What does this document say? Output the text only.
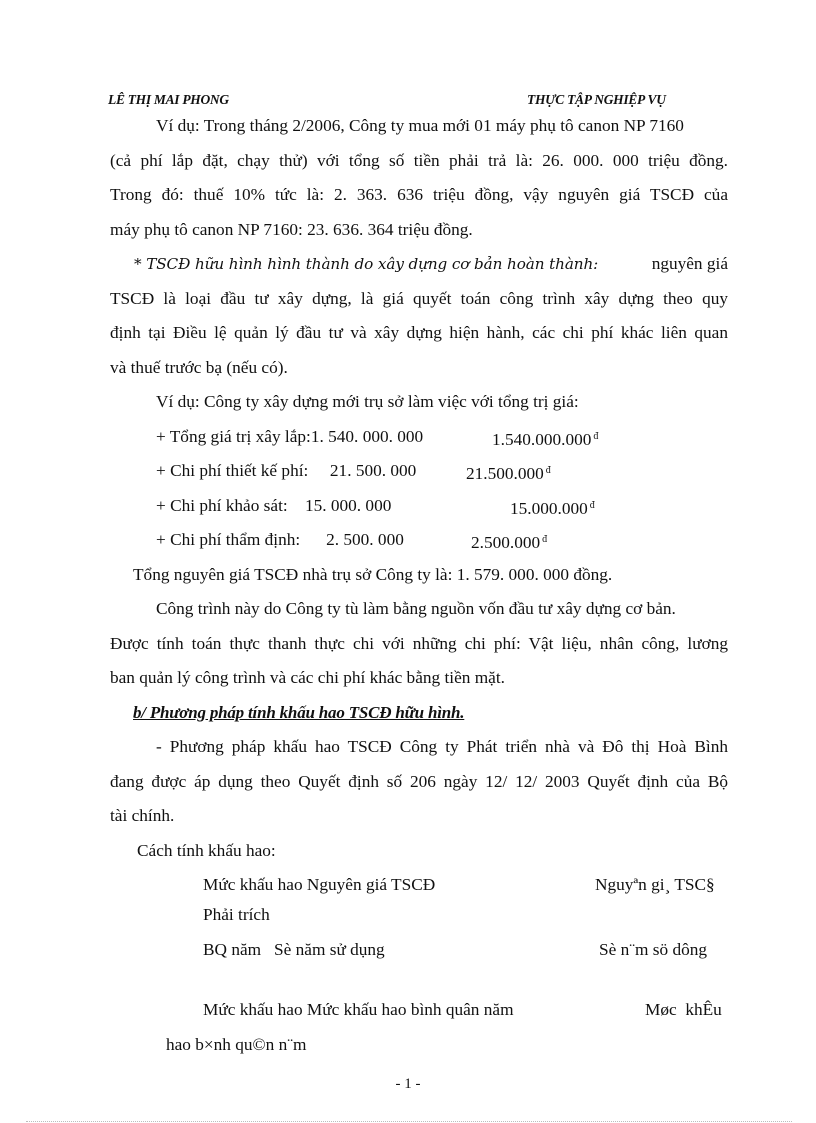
LÊ THỊ MAI PHONG	THỰC TẬP NGHIỆP VỤ
Ví dụ: Trong tháng 2/2006, Công ty mua mới 01 máy phụ tô canon NP 7160
(cả phí lắp đặt, chạy thử) với tổng số tiền phải trả là: 26. 000. 000 triệu đồng.
Trong đó: thuế 10% tức là: 2. 363. 636 triệu đồng, vậy nguyên giá TSCĐ của
máy phụ tô canon NP 7160: 23. 636. 364 triệu đồng.
* TSCĐ hữu hình hình thành do xây dựng cơ bản hoàn thành:	nguyên giá
TSCĐ là loại đầu tư xây dựng, là giá quyết toán công trình xây dựng theo quy
định tại Điều lệ quản lý đầu tư và xây dựng hiện hành, các chi phí khác liên quan
và thuế trước bạ (nếu có).
Ví dụ: Công ty xây dựng mới trụ sở làm việc với tổng trị giá:
+ Tổng giá trị xây lắp:1. 540. 000. 000	1.540.000.000 $^đ$
+ Chi phí thiết kế phí:     21. 500. 000	21.500.000 $^đ$
+ Chi phí khảo sát:    15. 000. 000	15.000.000 $^đ$
+ Chi phí thẩm định:      2. 500. 000	2.500.000 $^đ$
Tổng nguyên giá TSCĐ nhà trụ sở Công ty là: 1. 579. 000. 000 đồng.
Công trình này do Công ty tù làm bằng nguồn vốn đầu tư xây dựng cơ bản.
Được tính toán thực thanh thực chi với những chi phí: Vật liệu, nhân công, lương
ban quản lý công trình và các chi phí khác bằng tiền mặt.
b/ Phương pháp tính khấu hao TSCĐ hữu hình.
- Phương pháp khấu hao TSCĐ Công ty Phát triển nhà và Đô thị Hoà Bình
đang được áp dụng theo Quyết định số 206 ngày 12/ 12/ 2003 Quyết định của Bộ
tài chính.
Cách tính khấu hao:
Mức khấu hao Nguyên giá TSCĐ	Nguyªn gi¸ TSC§
Phải trích
BQ năm   Sè năm sử dụng	Sè n¨m sö dông
Mức khấu hao Mức khấu hao bình quân năm	Møc  khÊu
hao b×nh qu©n n¨m
- 1 -
